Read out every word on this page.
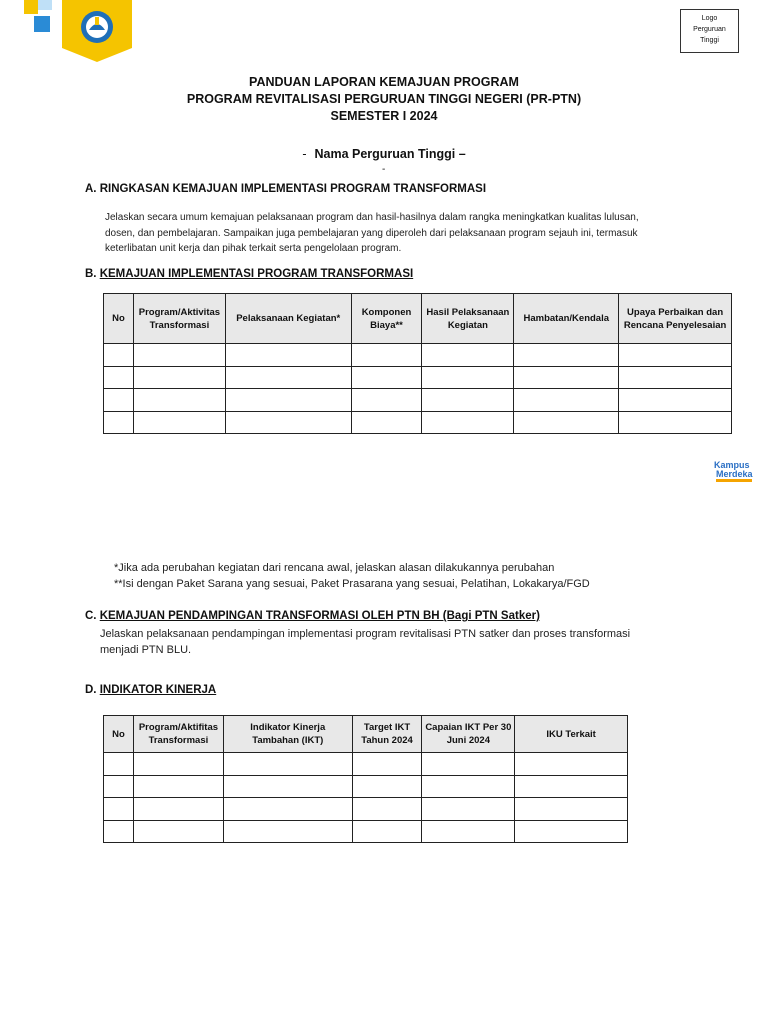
Logo
Perguruan
Tinggi
PANDUAN LAPORAN KEMAJUAN PROGRAM
PROGRAM REVITALISASI PERGURUAN TINGGI NEGERI (PR-PTN)
SEMESTER I 2024
- Nama Perguruan Tinggi –
-
A. RINGKASAN KEMAJUAN IMPLEMENTASI PROGRAM TRANSFORMASI
Jelaskan secara umum kemajuan pelaksanaan program dan hasil-hasilnya dalam rangka meningkatkan kualitas lulusan,
dosen, dan pembelajaran. Sampaikan juga pembelajaran yang diperoleh dari pelaksanaan program sejauh ini, termasuk
keterlibatan unit kerja dan pihak terkait serta pengelolaan program.
B. KEMAJUAN IMPLEMENTASI PROGRAM TRANSFORMASI
No	Program/Aktivitas Transformasi	Pelaksanaan Kegiatan*	Komponen Biaya**	Hasil Pelaksanaan Kegiatan	Hambatan/Kendala	Upaya Perbaikan dan Rencana Penyelesaian

Kampus
Merdeka
*Jika ada perubahan kegiatan dari rencana awal, jelaskan alasan dilakukannya perubahan
**Isi dengan Paket Sarana yang sesuai, Paket Prasarana yang sesuai, Pelatihan, Lokakarya/FGD
C. KEMAJUAN PENDAMPINGAN TRANSFORMASI OLEH PTN BH (Bagi PTN Satker)
Jelaskan pelaksanaan pendampingan implementasi program revitalisasi PTN satker dan proses transformasi
menjadi PTN BLU.
D. INDIKATOR KINERJA
No	Program/Aktifitas Transformasi	Indikator Kinerja Tambahan (IKT)	Target IKT Tahun 2024	Capaian IKT Per 30 Juni 2024	IKU Terkait
